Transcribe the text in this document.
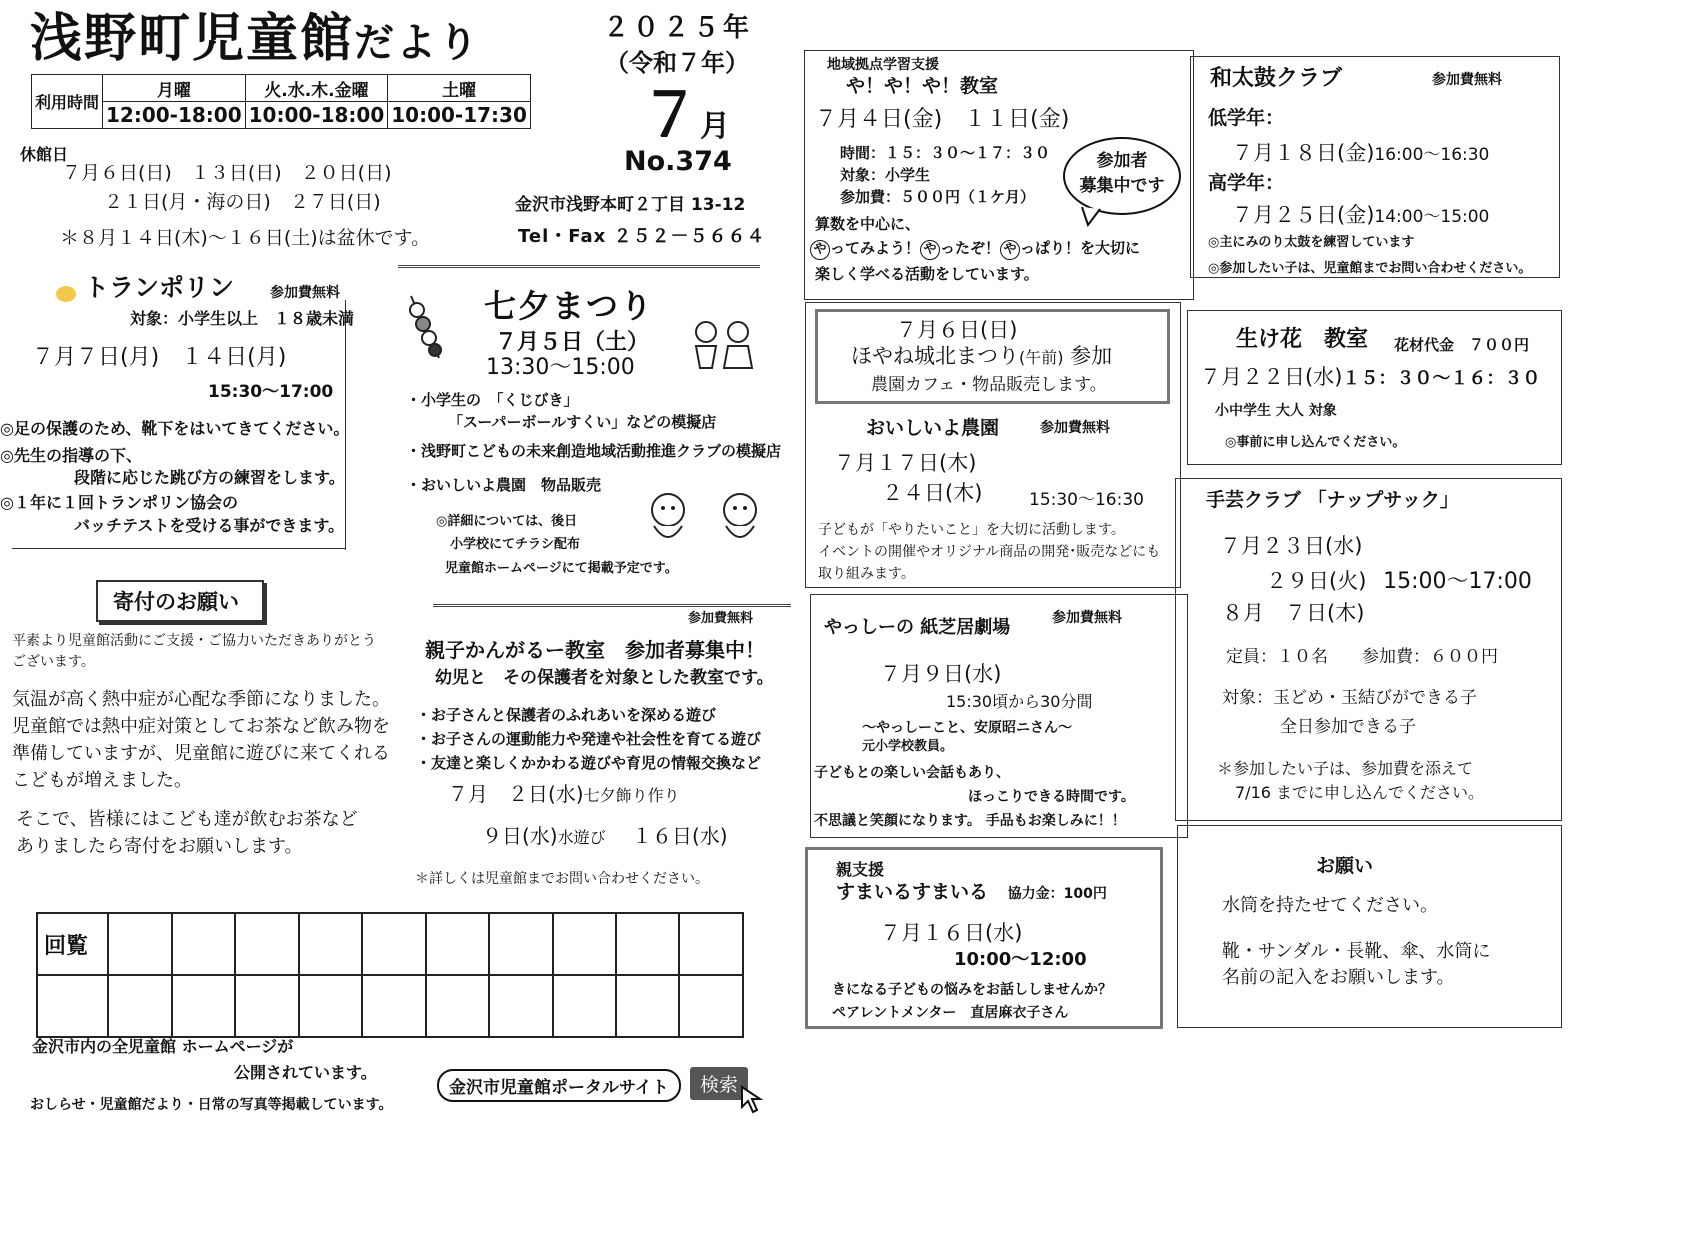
浅野町児童館だより	２０２５年
（令和７年）
７月
No.374
金沢市浅野本町２丁目 13-12
Tel・Fax ２５２－５６６４
利用時間	月曜	火.水.木.金曜	土曜
	12:00-18:00	10:00-18:00	10:00-17:30
休館日
７月６日(日)　１３日(日)　２０日(日)
２１日(月・海の日)　２７日(日)
＊８月１４日(木)～１６日(土)は盆休です。
トランポリン	参加費無料
対象：小学生以上　１８歳未満
７月７日(月)　１４日(月)
15:30～17:00
◎足の保護のため、靴下をはいてきてください。
◎先生の指導の下、
段階に応じた跳び方の練習をします。
◎１年に１回トランポリン協会の
バッチテストを受ける事ができます。
寄付のお願い
平素より児童館活動にご支援・ご協力いただきありがとう
ございます。
気温が高く熱中症が心配な季節になりました。
児童館では熱中症対策としてお茶など飲み物を
準備していますが、児童館に遊びに来てくれる
こどもが増えました。
そこで、皆様にはこども達が飲むお茶など
ありましたら寄付をお願いします。
七夕まつり
７月５日（土）
13:30～15:00
・小学生の　「くじびき」
「スーパーボールすくい」などの模擬店
・浅野町こどもの未来創造地域活動推進クラブの模擬店
・おいしいよ農園　物品販売
◎詳細については、後日
小学校にてチラシ配布
児童館ホームページにて掲載予定です。
参加費無料
親子かんがるー教室　参加者募集中！
幼児と　その保護者を対象とした教室です。
・お子さんと保護者のふれあいを深める遊び
・お子さんの運動能力や発達や社会性を育てる遊び
・友達と楽しくかかわる遊びや育児の情報交換など
７月　２日(水)七夕飾り作り
９日(水)水遊び １６日(水)
＊詳しくは児童館までお問い合わせください。
回覧										

金沢市内の全児童館 ホームページが
公開されています。
おしらせ・児童館だより・日常の写真等掲載しています。
金沢市児童館ポータルサイト	検索
地域拠点学習支援
や！や！や！教室
７月４日(金)　１１日(金)
時間：１５：３０～１７：３０
対象：小学生
参加費：５００円（１ケ月）
参加者
募集中です
算数を中心に、
や ってみよう！ や ったぞ！ や っぱり！を大切に
楽しく学べる活動をしています。
和太鼓クラブ	参加費無料
低学年：
７月１８日(金)16:00～16:30
高学年：
７月２５日(金)14:00～15:00
◎主にみのり太鼓を練習しています
◎参加したい子は、児童館までお問い合わせください。
７月６日(日)
ほやね城北まつり(午前) 参加
農園カフェ・物品販売します。
おいしいよ農園	参加費無料
７月１７日(木)
２４日(木)	15:30～16:30
子どもが「やりたいこと」を大切に活動します。
イベントの開催やオリジナル商品の開発･販売などにも
取り組みます。
生け花　教室 花材代金　７００円
７月２２日(水)１５：３０～１６：３０
小中学生 大人 対象
◎事前に申し込んでください。
やっしーの 紙芝居劇場	参加費無料
７月９日(水)
15:30頃から30分間
～やっしーこと、安原昭ニさん～
元小学校教員。
子どもとの楽しい会話もあり、
ほっこりできる時間です。
不思議と笑顔になります。 手品もお楽しみに！！
手芸クラブ 「ナップサック」
７月２３日(水)
２９日(火) 15:00～17:00
８月　７日(木)
定員：１０名　　参加費：６００円
対象：玉どめ・玉結びができる子
全日参加できる子
＊参加したい子は、参加費を添えて
7/16 までに申し込んでください。
親支援
すまいるすまいる 協力金：100円
７月１６日(水)
10:00～12:00
きになる子どもの悩みをお話ししませんか？
ペアレントメンター　直居麻衣子さん
お願い
水筒を持たせてください。
靴・サンダル・長靴、傘、水筒に
名前の記入をお願いします。
